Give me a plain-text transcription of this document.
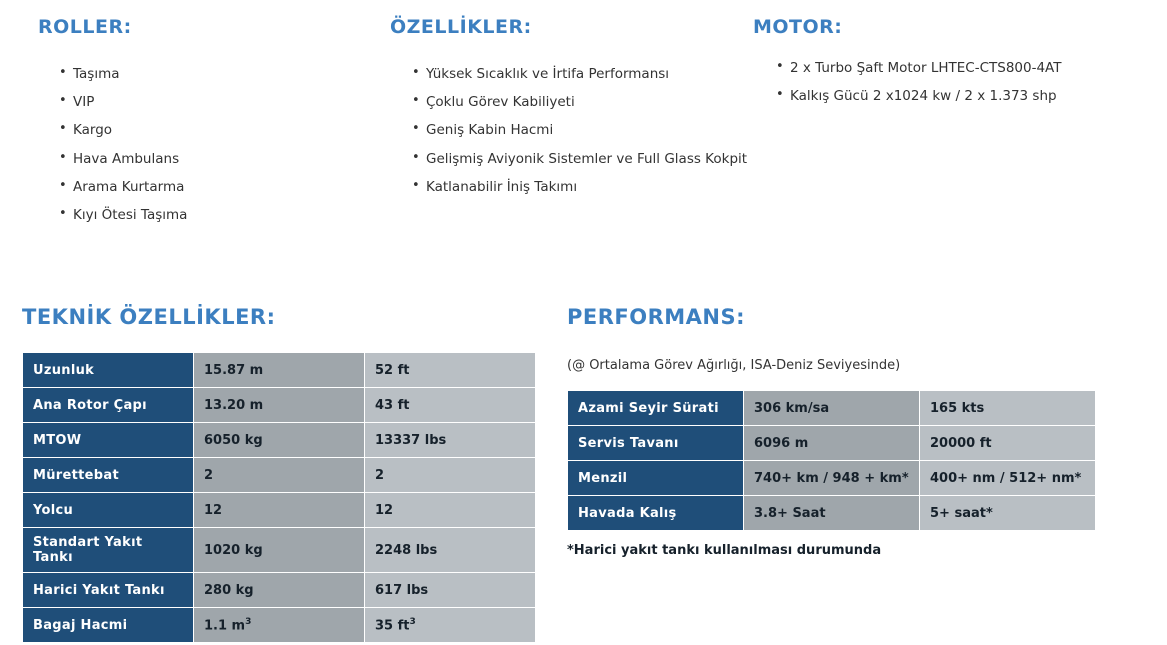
ROLLER:
• Taşıma
• VIP
• Kargo
• Hava Ambulans
• Arama Kurtarma
• Kıyı Ötesi Taşıma
ÖZELLİKLER:
• Yüksek Sıcaklık ve İrtifa Performansı
• Çoklu Görev Kabiliyeti
• Geniş Kabin Hacmi
• Gelişmiş Aviyonik Sistemler ve Full Glass Kokpit
• Katlanabilir İniş Takımı
MOTOR:
• 2 x Turbo Şaft Motor LHTEC-CTS800-4AT
• Kalkış Gücü 2 x1024 kw / 2 x 1.373 shp
TEKNİK ÖZELLİKLER:
Uzunluk	15.87 m	52 ft
Ana Rotor Çapı	13.20 m	43 ft
MTOW	6050 kg	13337 lbs
Mürettebat	2	2
Yolcu	12	12
Standart Yakıt Tankı	1020 kg	2248 lbs
Harici Yakıt Tankı	280 kg	617 lbs
Bagaj Hacmi	1.1 $m^3$	35 $ft^3$
PERFORMANS:
(@ Ortalama Görev Ağırlığı, ISA-Deniz Seviyesinde)
Azami Seyir Sürati	306 km/sa	165 kts
Servis Tavanı	6096 m	20000 ft
Menzil	740+ km / 948 + km*	400+ nm / 512+ nm*
Havada Kalış	3.8+ Saat	5+ saat*
*Harici yakıt tankı kullanılması durumunda
